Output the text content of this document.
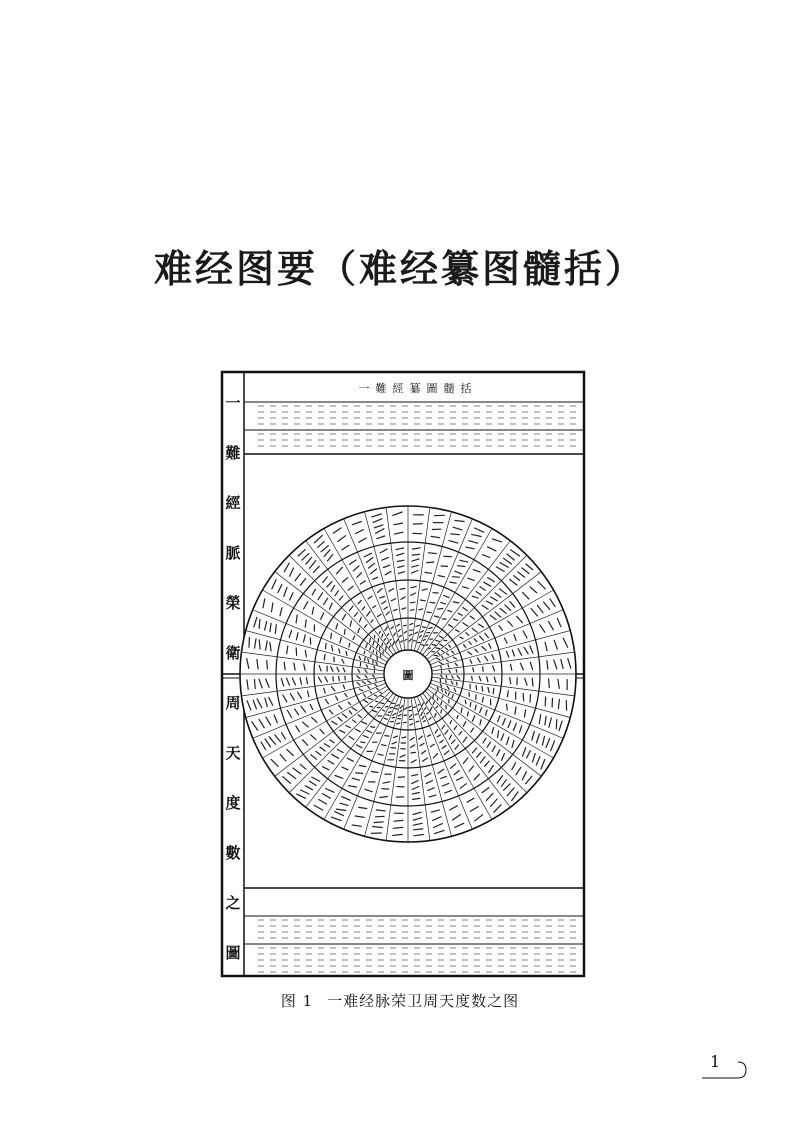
难经图要（难经纂图髓括）
圖
一
難
經
脈
榮
衛
周
天
度
數
之
圖
一難經纂圖髓括
图 1 一难经脉荣卫周天度数之图
1
